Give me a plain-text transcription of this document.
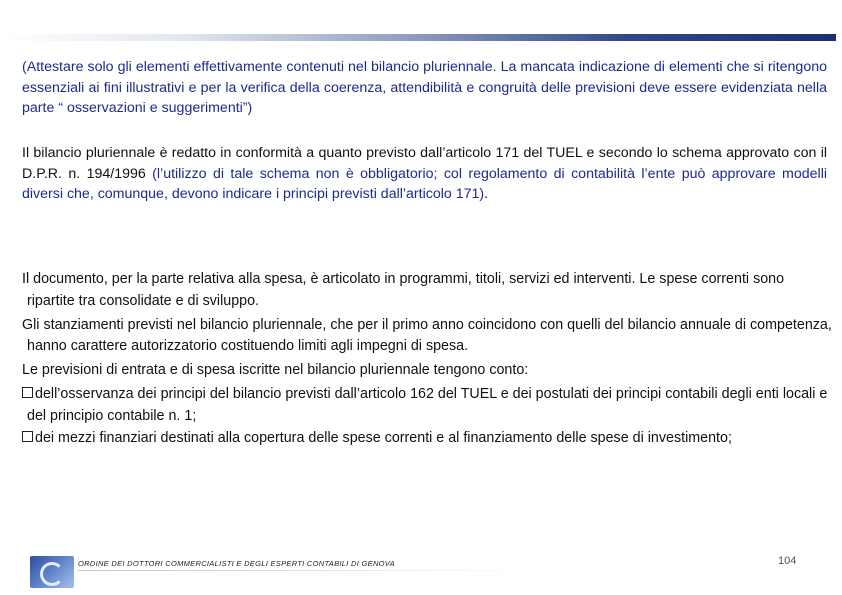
(Attestare solo gli elementi effettivamente contenuti nel bilancio pluriennale. La mancata indicazione di elementi che si ritengono essenziali ai fini illustrativi e per la verifica della coerenza, attendibilità e congruità delle previsioni deve essere evidenziata nella parte “ osservazioni e suggerimenti”)

Il bilancio pluriennale è redatto in conformità a quanto previsto dall’articolo 171 del TUEL e secondo lo schema approvato con il D.P.R. n. 194/1996 (l’utilizzo di tale schema non è obbligatorio; col regolamento di contabilità l’ente può approvare modelli diversi che, comunque, devono indicare i principi previsti dall’articolo 171).

Il documento, per la parte relativa alla spesa, è articolato in programmi, titoli, servizi ed interventi. Le spese correnti sono ripartite tra consolidate e di sviluppo.

Gli stanziamenti previsti nel bilancio pluriennale, che per il primo anno coincidono con quelli del bilancio annuale di competenza, hanno carattere autorizzatorio costituendo limiti agli impegni di spesa.

Le previsioni di entrata e di spesa iscritte nel bilancio pluriennale tengono conto:

dell’osservanza dei principi del bilancio previsti dall’articolo 162 del TUEL e dei postulati dei principi contabili degli enti locali e del principio contabile n. 1;
dei mezzi finanziari destinati alla copertura delle spese correnti e al finanziamento delle spese di investimento;
ORDINE DEI DOTTORI COMMERCIALISTI E DEGLI ESPERTI CONTABILI DI GENOVA	104
